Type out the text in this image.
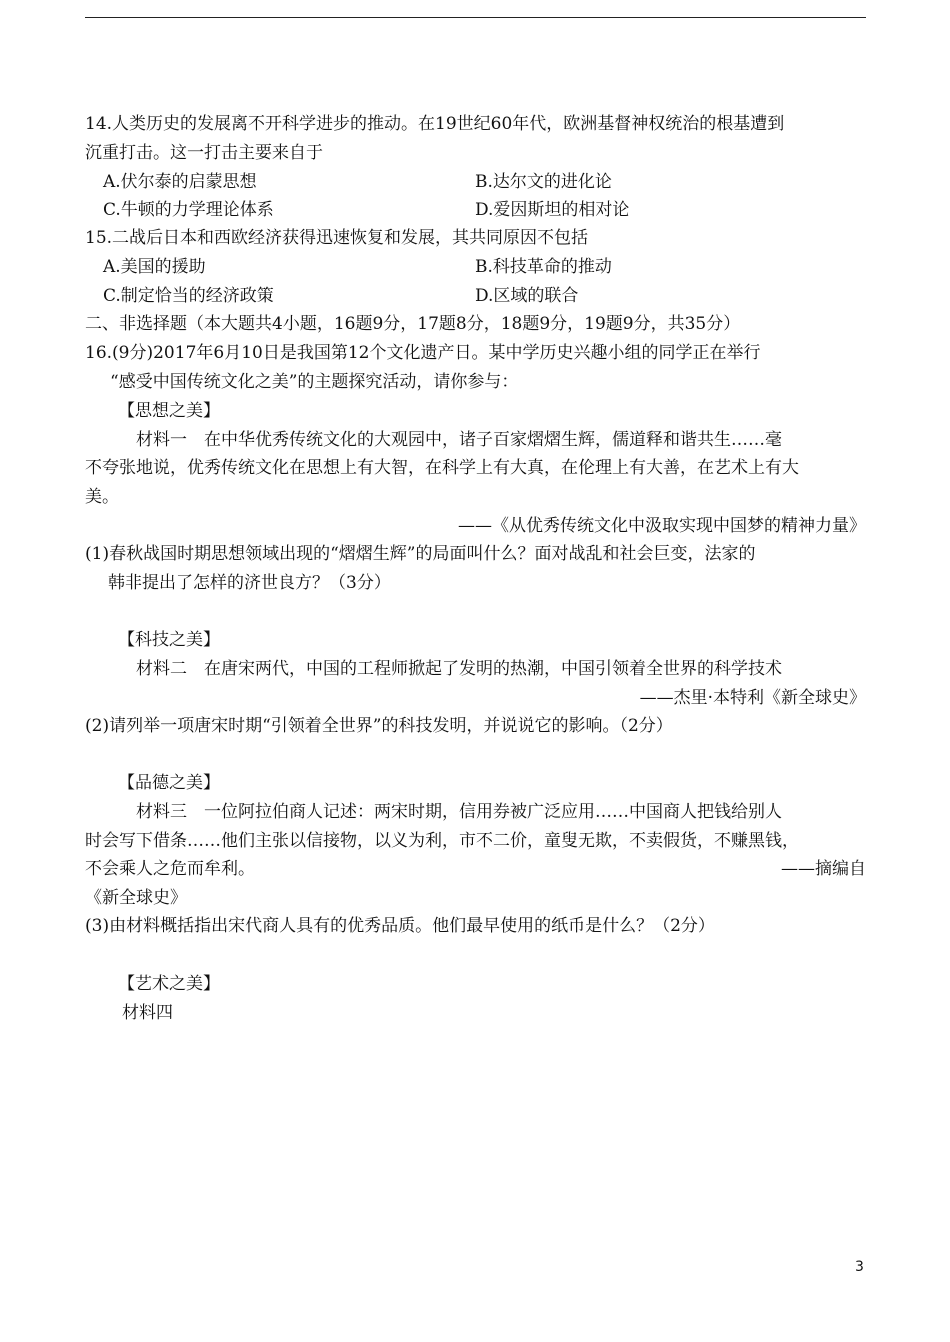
14.人类历史的发展离不开科学进步的推动。在19世纪60年代，欧洲基督神权统治的根基遭到
沉重打击。这一打击主要来自于
A.伏尔泰的启蒙思想	B.达尔文的进化论
C.牛顿的力学理论体系	D.爱因斯坦的相对论
15.二战后日本和西欧经济获得迅速恢复和发展，其共同原因不包括
A.美国的援助	B.科技革命的推动
C.制定恰当的经济政策	D.区域的联合
二、非选择题（本大题共4小题，16题9分，17题8分，18题9分，19题9分，共35分）
16.(9分)2017年6月10日是我国第12个文化遗产日。某中学历史兴趣小组的同学正在举行
“感受中国传统文化之美”的主题探究活动，请你参与：
【思想之美】
材料一　在中华优秀传统文化的大观园中，诸子百家熠熠生辉，儒道释和谐共生……毫
不夸张地说，优秀传统文化在思想上有大智，在科学上有大真，在伦理上有大善，在艺术上有大
美。
——《从优秀传统文化中汲取实现中国梦的精神力量》
(1)春秋战国时期思想领域出现的“熠熠生辉”的局面叫什么？面对战乱和社会巨变，法家的
韩非提出了怎样的济世良方？（3分）
【科技之美】
材料二　在唐宋两代，中国的工程师掀起了发明的热潮，中国引领着全世界的科学技术
——杰里·本特利《新全球史》
(2)请列举一项唐宋时期“引领着全世界”的科技发明，并说说它的影响。（2分）
【品德之美】
材料三　一位阿拉伯商人记述：两宋时期，信用券被广泛应用……中国商人把钱给别人
时会写下借条……他们主张以信接物，以义为利，市不二价，童叟无欺，不卖假货，不赚黑钱，
不会乘人之危而牟利。	——摘编自
《新全球史》
(3)由材料概括指出宋代商人具有的优秀品质。他们最早使用的纸币是什么？（2分）
【艺术之美】
材料四
3
